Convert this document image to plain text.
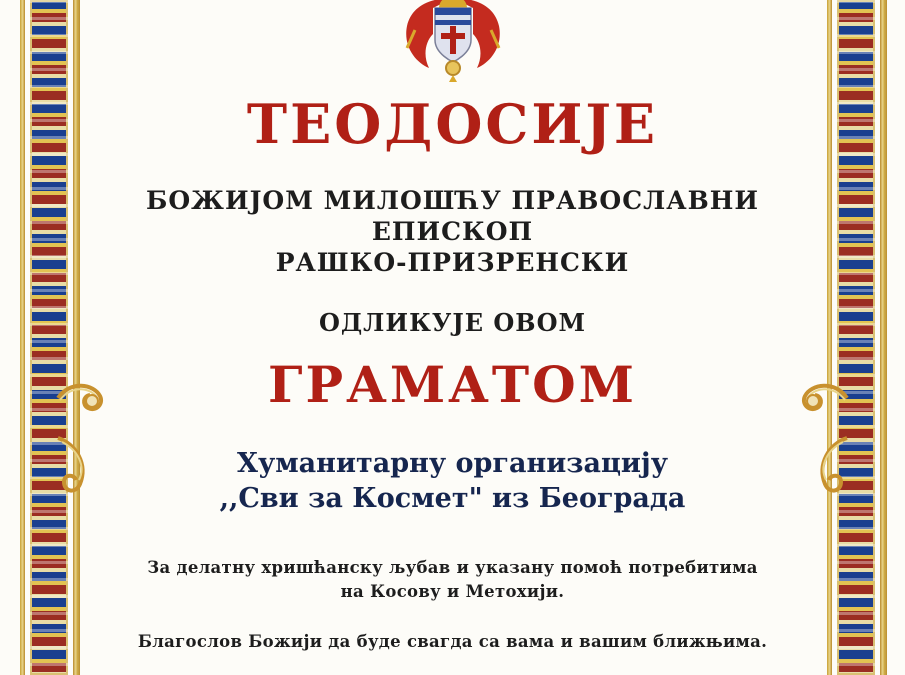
ТЕОДОСИЈЕ
БОЖИЈОМ МИЛОШЋУ ПРАВОСЛАВНИ ЕПИСКОП
РАШКО-ПРИЗРЕНСКИ
ОДЛИКУЈЕ ОВОМ
ГРАМАТОМ
Хуманитарну организацију
,,Сви за Космет" из Београда
За делатну хришћанску љубав и указану помоћ потребитима
на Косову и Метохији.
Благослов Божији да буде свагда са вама и вашим ближњима.
